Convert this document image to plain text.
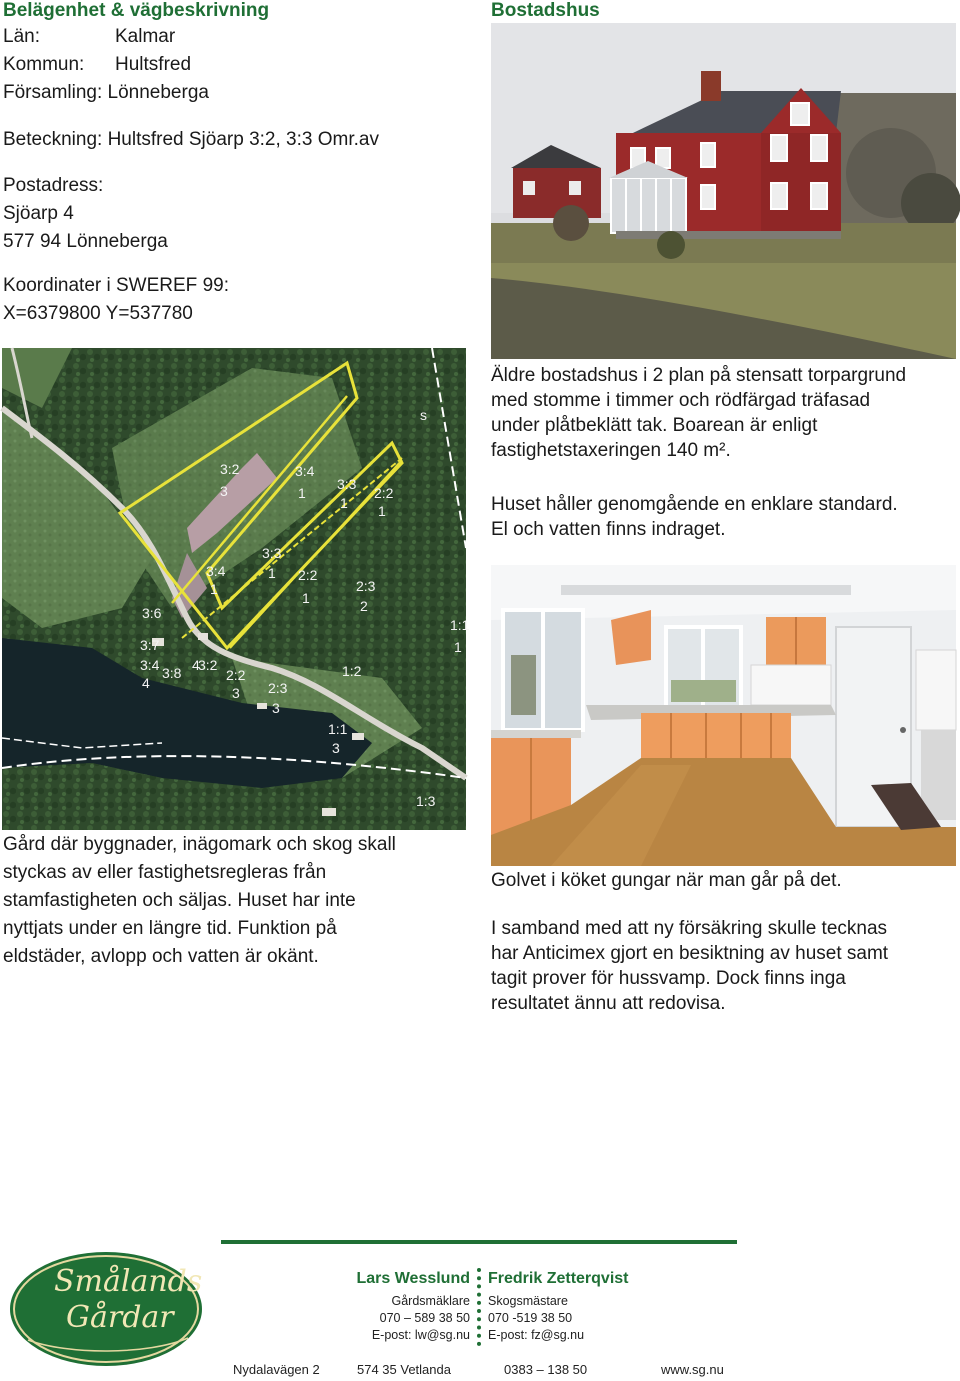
Belägenhet & vägbeskrivning
Län:	Kalmar
Kommun:	Hultsfred
Församling:
Lönneberga
Beteckning: Hultsfred Sjöarp 3:2, 3:3 Omr.av
Postadress:
Sjöarp 4
577 94 Lönneberga
Koordinater i SWEREF 99:
X=6379800 Y=537780
3:2
3
3:4
1
3:3
1
2:2
1
3:3
1 2:2
1
2:3
2
3:4
1
3:6
3:7
3:4
4
3:8 4
3:2
2:2
3 2:3
3
1:2
1:1
3
1:1
1
1:3
s
Gård där byggnader, inägomark och skog skall
styckas av eller fastighetsregleras från
stamfastigheten och säljas. Huset har inte
nyttjats under en längre tid. Funktion på
eldstäder, avlopp och vatten är okänt.
Bostadshus
Äldre bostadshus i 2 plan på stensatt torpargrund
med stomme i timmer och rödfärgad träfasad
under plåtbeklätt tak. Boarean är enligt
fastighetstaxeringen 140 m².
Huset håller genomgående en enklare standard.
El och vatten finns indraget.
Golvet i köket gungar när man går på det.
I samband med att ny försäkring skulle tecknas
har Anticimex gjort en besiktning av huset samt
tagit prover för hussvamp. Dock finns inga
resultatet ännu att redovisa.
Smålands
Gårdar
Lars Wesslund
Gårdsmäklare
070 – 589 38 50
E-post: lw@sg.nu
Fredrik Zetterqvist
Skogsmästare
070 -519 38 50
E-post: fz@sg.nu
Nydalavägen 2	574 35 Vetlanda	0383 – 138 50	www.sg.nu
